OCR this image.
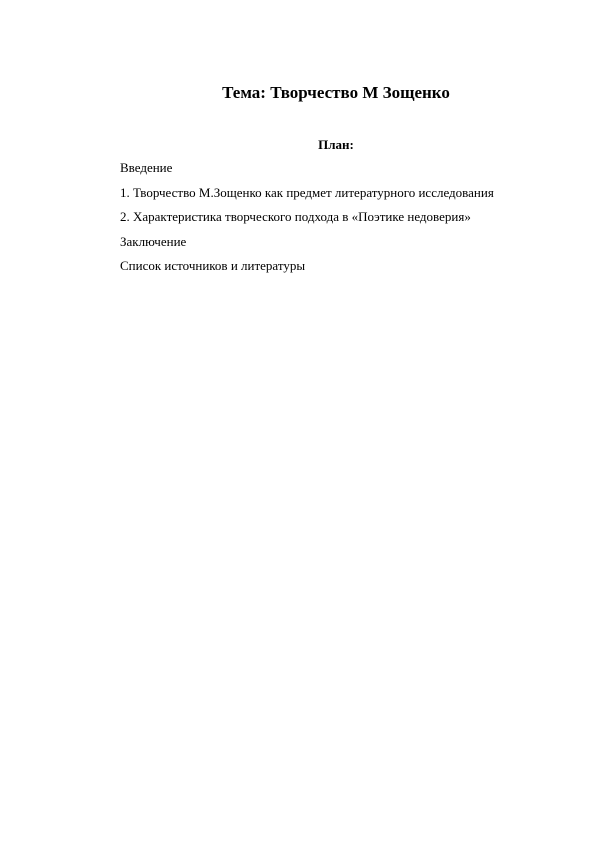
Тема: Творчество М Зощенко
План:
Введение
1. Творчество М.Зощенко как предмет литературного исследования
2. Характеристика творческого подхода в «Поэтике недоверия»
Заключение
Список источников и литературы
